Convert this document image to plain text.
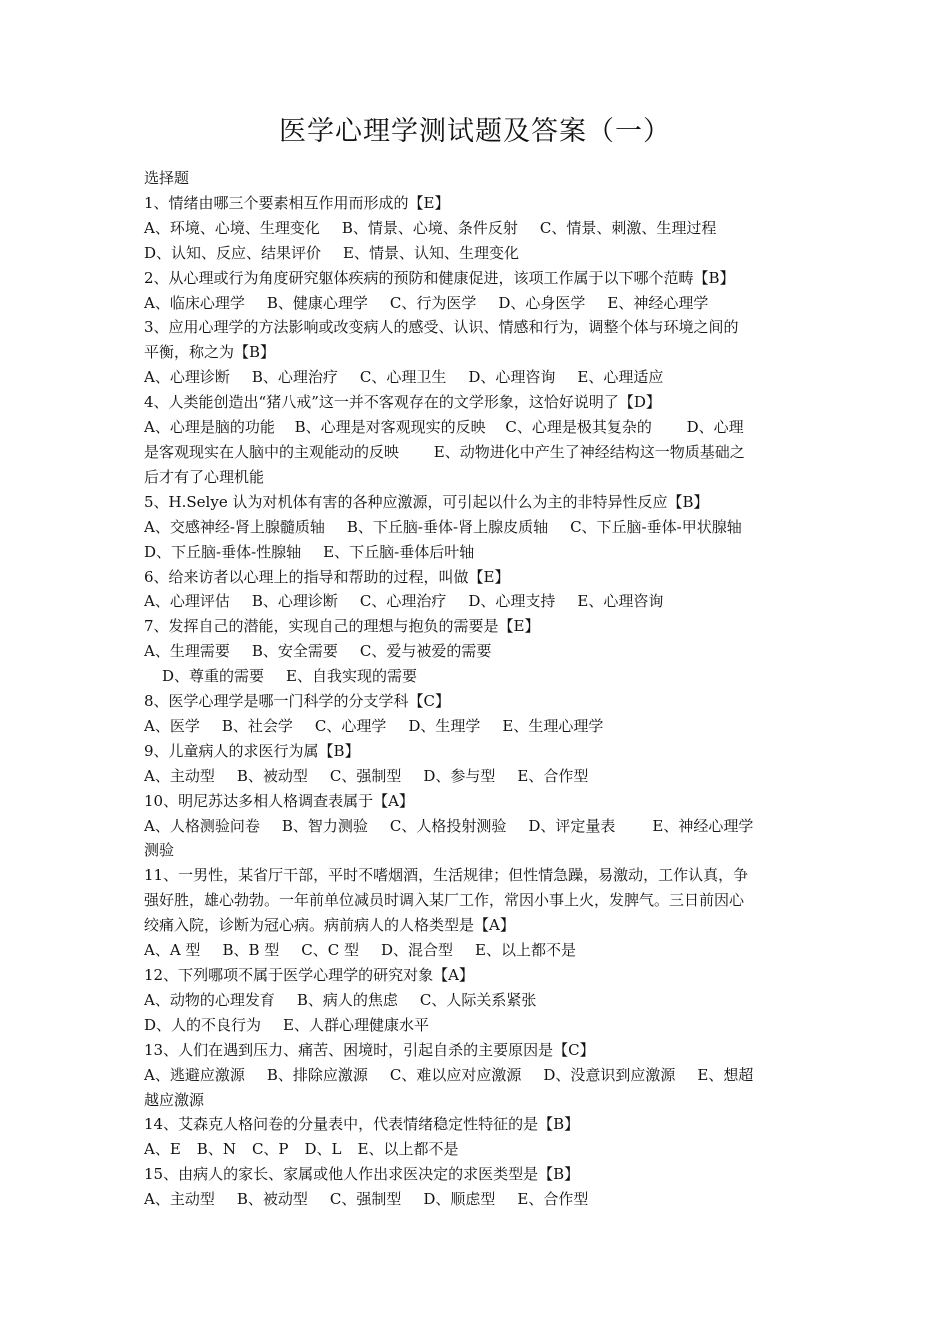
医学心理学测试题及答案（一）
选择题
1、情绪由哪三个要素相互作用而形成的【E】
A、环境、心境、生理变化 B、情景、心境、条件反射 C、情景、刺激、生理过程
D、认知、反应、结果评价 E、情景、认知、生理变化
2、从心理或行为角度研究躯体疾病的预防和健康促进，该项工作属于以下哪个范畴【B】
A、临床心理学 B、健康心理学 C、行为医学 D、心身医学 E、神经心理学
3、应用心理学的方法影响或改变病人的感受、认识、情感和行为，调整个体与环境之间的
平衡，称之为【B】
A、心理诊断 B、心理治疗 C、心理卫生 D、心理咨询 E、心理适应
4、人类能创造出“猪八戒”这一并不客观存在的文学形象，这恰好说明了【D】
A、心理是脑的功能　 B、心理是对客观现实的反映　 C、心理是极其复杂的　　 D、心理
是客观现实在人脑中的主观能动的反映　　 E、动物进化中产生了神经结构这一物质基础之
后才有了心理机能
5、H.Selye 认为对机体有害的各种应激源，可引起以什么为主的非特异性反应【B】
A、交感神经-肾上腺髓质轴 B、下丘脑-垂体-肾上腺皮质轴 C、下丘脑-垂体-甲状腺轴
D、下丘脑-垂体-性腺轴 E、下丘脑-垂体后叶轴
6、给来访者以心理上的指导和帮助的过程，叫做【E】
A、心理评估 B、心理诊断 C、心理治疗 D、心理支持 E、心理咨询
7、发挥自己的潜能，实现自己的理想与抱负的需要是【E】
A、生理需要 B、安全需要 C、爱与被爱的需要
D、尊重的需要 E、自我实现的需要
8、医学心理学是哪一门科学的分支学科【C】
A、医学 B、社会学 C、心理学 D、生理学 E、生理心理学
9、儿童病人的求医行为属【B】
A、主动型 B、被动型 C、强制型 D、参与型 E、合作型
10、明尼苏达多相人格调查表属于【A】
A、人格测验问卷 B、智力测验 C、人格投射测验 D、评定量表　E、神经心理学
测验
11、一男性，某省厅干部，平时不嗜烟酒，生活规律；但性情急躁，易激动，工作认真，争
强好胜，雄心勃勃。一年前单位减员时调入某厂工作，常因小事上火，发脾气。三日前因心
绞痛入院，诊断为冠心病。病前病人的人格类型是【A】
A、A 型 B、B 型 C、C 型 D、混合型 E、以上都不是
12、下列哪项不属于医学心理学的研究对象【A】
A、动物的心理发育 B、病人的焦虑 C、人际关系紧张
D、人的不良行为 E、人群心理健康水平
13、人们在遇到压力、痛苦、困境时，引起自杀的主要原因是【C】
A、逃避应激源 B、排除应激源 C、难以应对应激源 D、没意识到应激源 E、想超
越应激源
14、艾森克人格问卷的分量表中，代表情绪稳定性特征的是【B】
A、E B、N C、P D、L E、以上都不是
15、由病人的家长、家属或他人作出求医决定的求医类型是【B】
A、主动型 B、被动型 C、强制型 D、顺虑型 E、合作型
